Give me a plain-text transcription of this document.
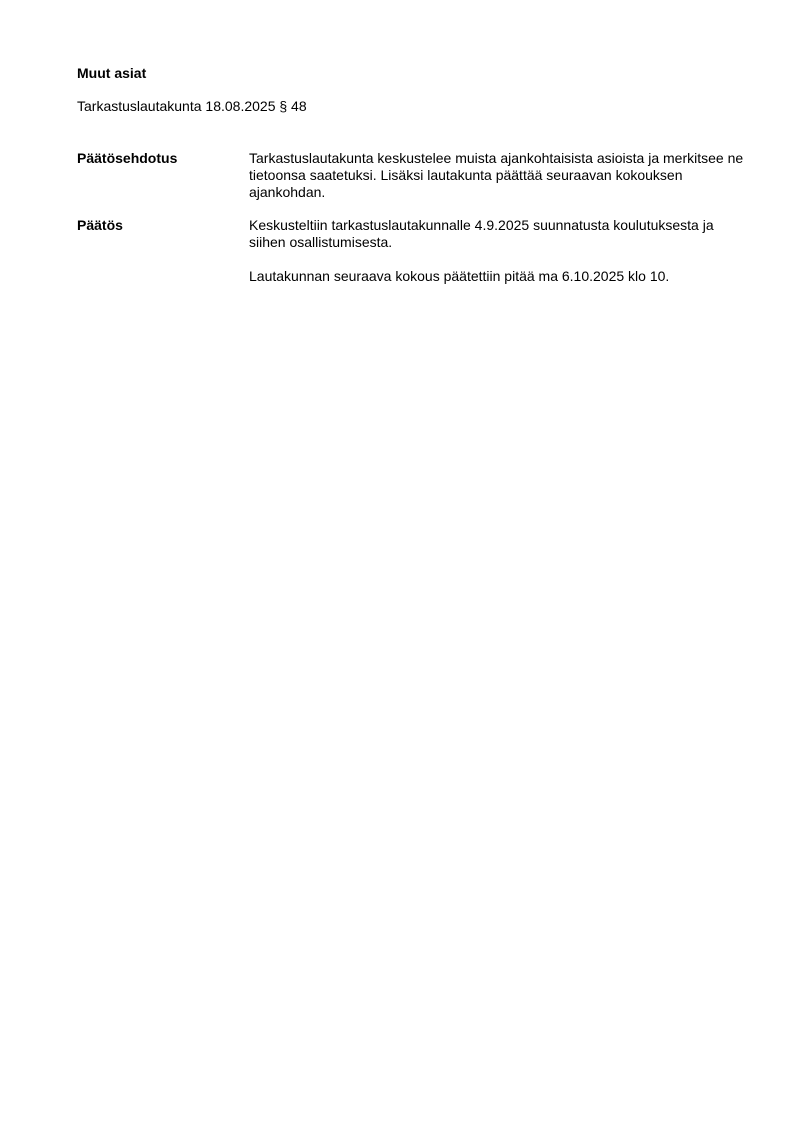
Muut asiat
Tarkastuslautakunta 18.08.2025 § 48
Päätösehdotus	Tarkastuslautakunta keskustelee muista ajankohtaisista asioista ja merkitsee ne tietoonsa saatetuksi. Lisäksi lautakunta päättää seuraavan kokouksen ajankohdan.

Päätös	Keskusteltiin tarkastuslautakunnalle 4.9.2025 suunnatusta koulutuksesta ja siihen osallistumisesta.

Lautakunnan seuraava kokous päätettiin pitää ma 6.10.2025 klo 10.
